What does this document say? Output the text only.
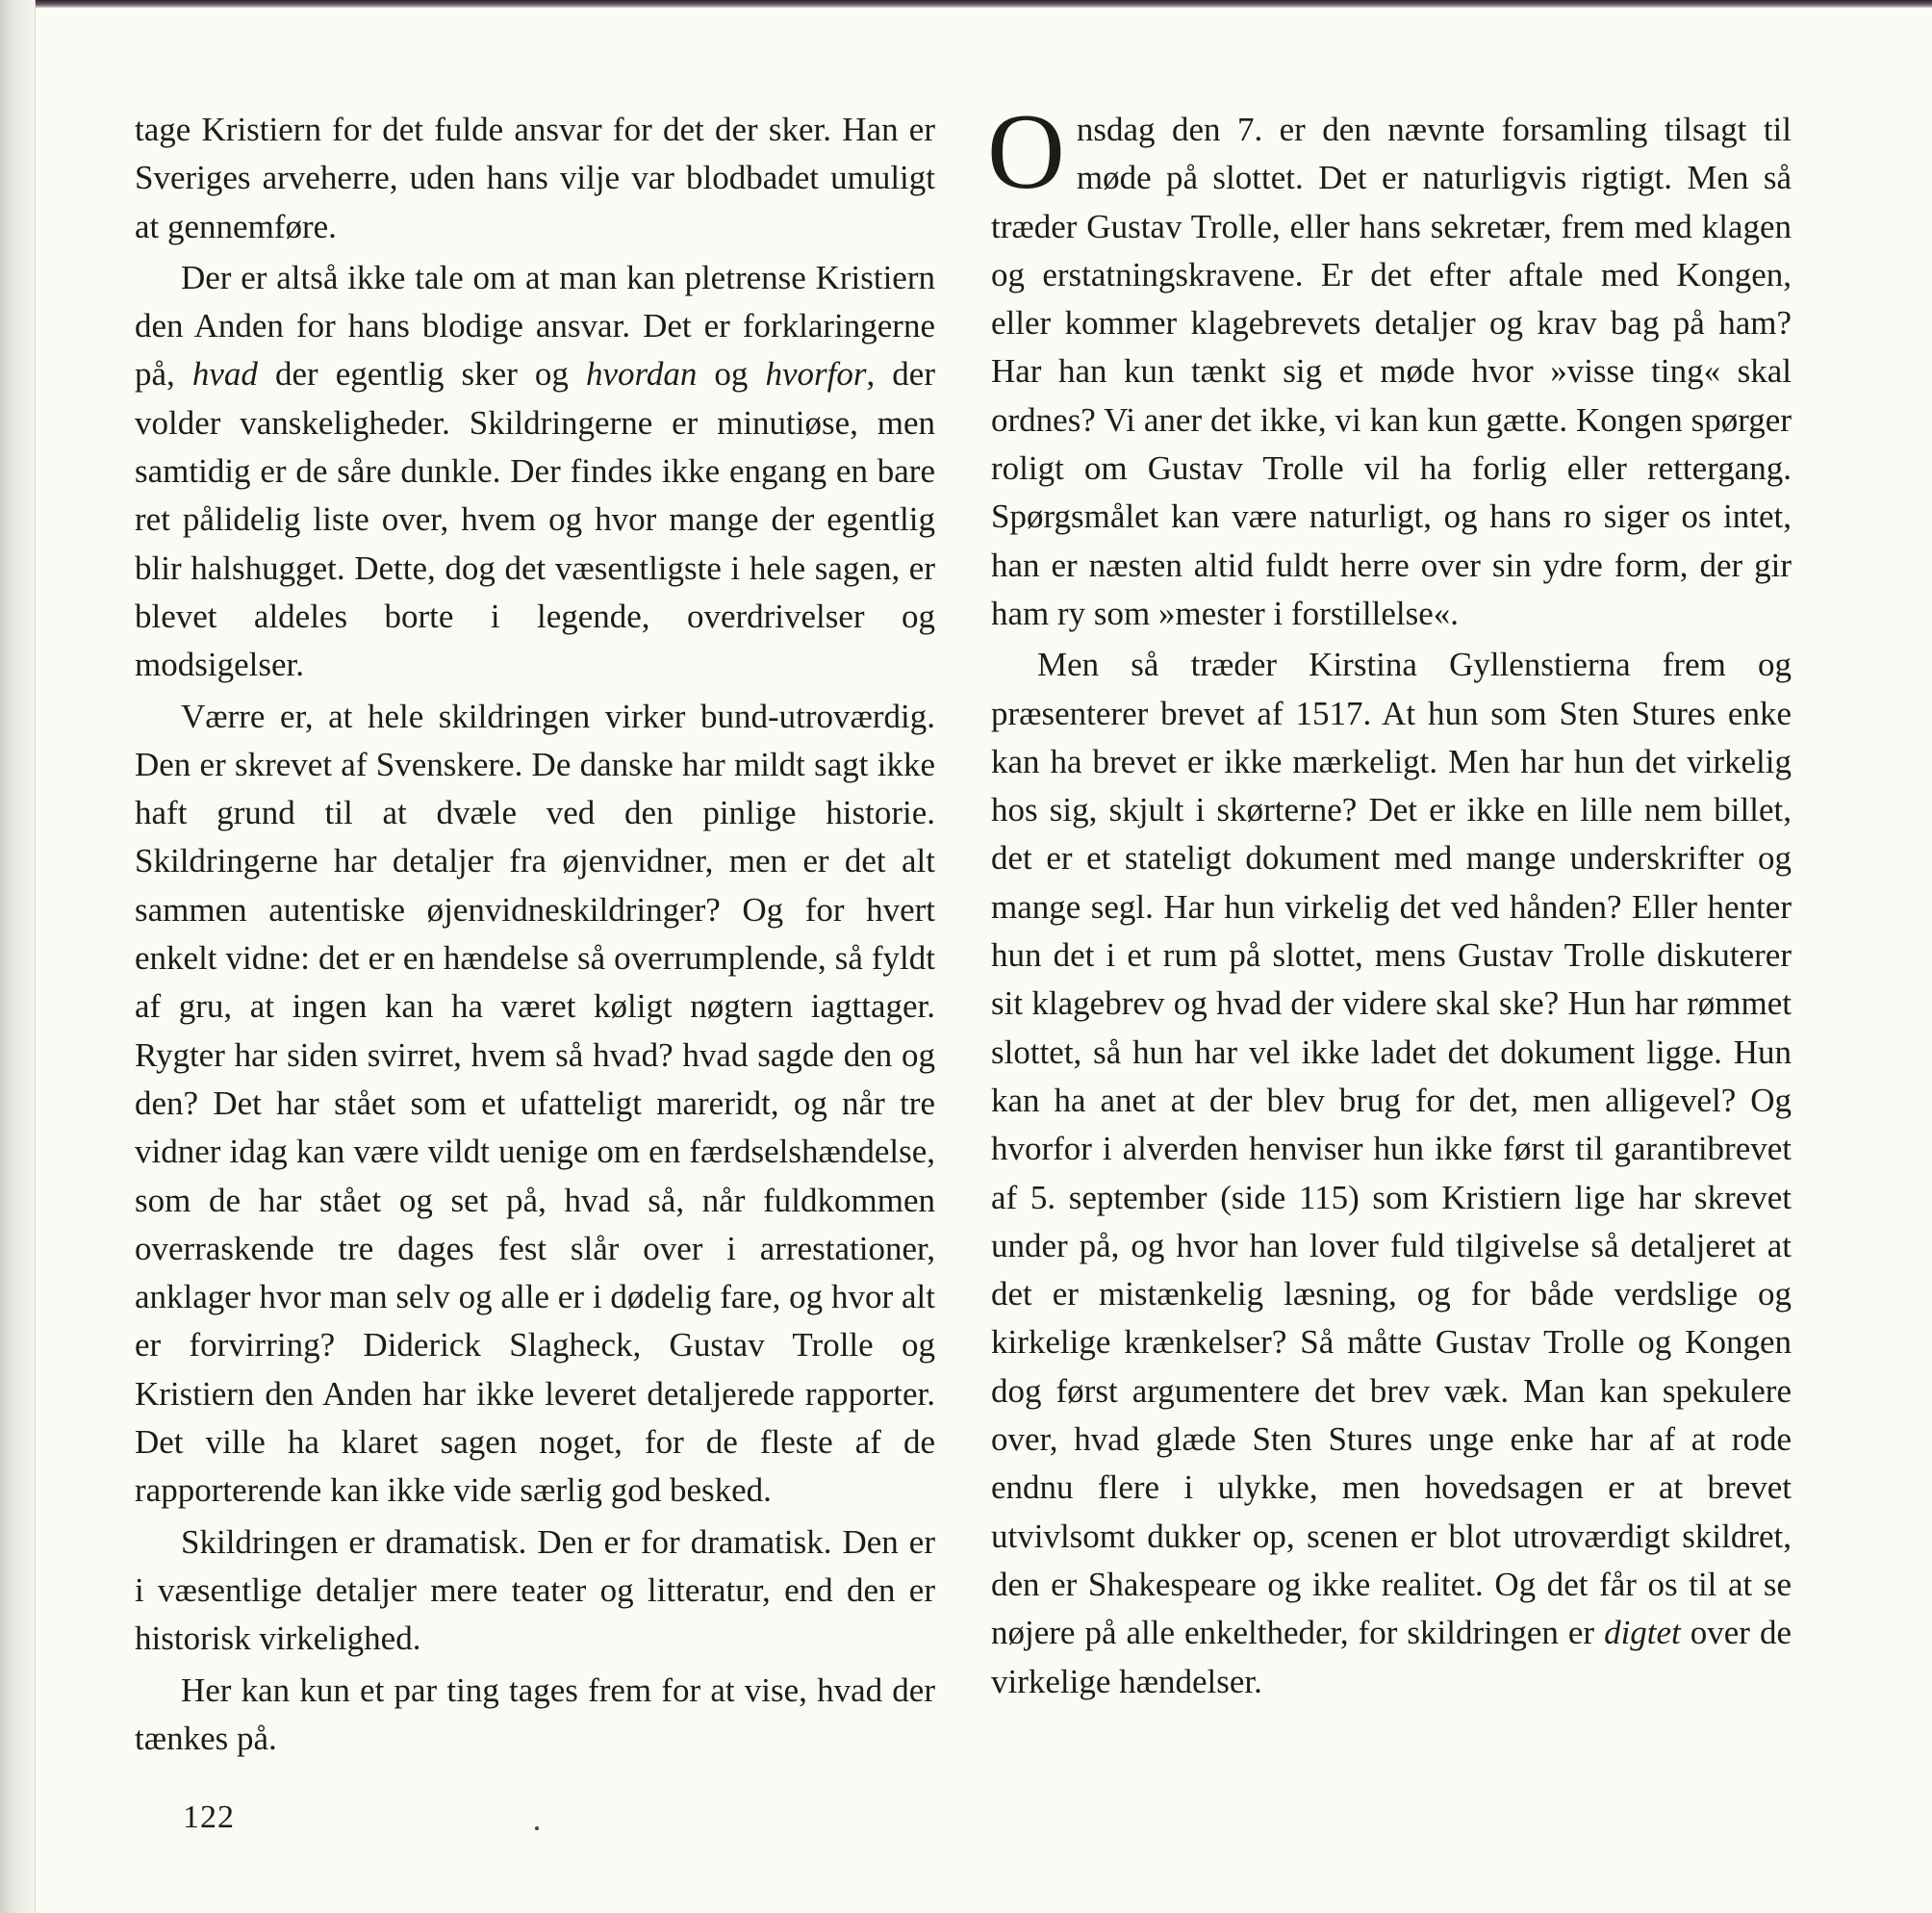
tage Kristiern for det fulde ansvar for det der sker. Han er Sveriges arveherre, uden hans vilje var blodbadet umuligt at gennemføre.

Der er altså ikke tale om at man kan pletrense Kristiern den Anden for hans blodige ansvar. Det er forklaringerne på, hvad der egentlig sker og hvordan og hvorfor, der volder vanskeligheder. Skildringerne er minutiøse, men samtidig er de såre dunkle. Der findes ikke engang en bare ret pålidelig liste over, hvem og hvor mange der egentlig blir halshugget. Dette, dog det væsentligste i hele sagen, er blevet aldeles borte i legende, overdrivelser og modsigelser.

Værre er, at hele skildringen virker bund-utroværdig. Den er skrevet af Svenskere. De danske har mildt sagt ikke haft grund til at dvæle ved den pinlige historie. Skildringerne har detaljer fra øjenvidner, men er det alt sammen autentiske øjenvidneskildringer? Og for hvert enkelt vidne: det er en hændelse så overrumplende, så fyldt af gru, at ingen kan ha været køligt nøgtern iagttager. Rygter har siden svirret, hvem så hvad? hvad sagde den og den? Det har stået som et ufatteligt mareridt, og når tre vidner idag kan være vildt uenige om en færdselshændelse, som de har stået og set på, hvad så, når fuldkommen overraskende tre dages fest slår over i arrestationer, anklager hvor man selv og alle er i dødelig fare, og hvor alt er forvirring? Diderick Slagheck, Gustav Trolle og Kristiern den Anden har ikke leveret detaljerede rapporter. Det ville ha klaret sagen noget, for de fleste af de rapporterende kan ikke vide særlig god besked.

Skildringen er dramatisk. Den er for dramatisk. Den er i væsentlige detaljer mere teater og litteratur, end den er historisk virkelighed.

Her kan kun et par ting tages frem for at vise, hvad der tænkes på.

Onsdag den 7. er den nævnte forsamling tilsagt til møde på slottet. Det er naturligvis rigtigt. Men så træder Gustav Trolle, eller hans sekretær, frem med klagen og erstatningskravene. Er det efter aftale med Kongen, eller kommer klagebrevets detaljer og krav bag på ham? Har han kun tænkt sig et møde hvor »visse ting« skal ordnes? Vi aner det ikke, vi kan kun gætte. Kongen spørger roligt om Gustav Trolle vil ha forlig eller rettergang. Spørgsmålet kan være naturligt, og hans ro siger os intet, han er næsten altid fuldt herre over sin ydre form, der gir ham ry som »mester i forstillelse«.

Men så træder Kirstina Gyllenstierna frem og præsenterer brevet af 1517. At hun som Sten Stures enke kan ha brevet er ikke mærkeligt. Men har hun det virkelig hos sig, skjult i skørterne? Det er ikke en lille nem billet, det er et stateligt dokument med mange underskrifter og mange segl. Har hun virkelig det ved hånden? Eller henter hun det i et rum på slottet, mens Gustav Trolle diskuterer sit klagebrev og hvad der videre skal ske? Hun har rømmet slottet, så hun har vel ikke ladet det dokument ligge. Hun kan ha anet at der blev brug for det, men alligevel? Og hvorfor i alverden henviser hun ikke først til garantibrevet af 5. september (side 115) som Kristiern lige har skrevet under på, og hvor han lover fuld tilgivelse så detaljeret at det er mistænkelig læsning, og for både verdslige og kirkelige krænkelser? Så måtte Gustav Trolle og Kongen dog først argumentere det brev væk. Man kan spekulere over, hvad glæde Sten Stures unge enke har af at rode endnu flere i ulykke, men hovedsagen er at brevet utvivlsomt dukker op, scenen er blot utroværdigt skildret, den er Shakespeare og ikke realitet. Og det får os til at se nøjere på alle enkeltheder, for skildringen er digtet over de virkelige hændelser.

122
